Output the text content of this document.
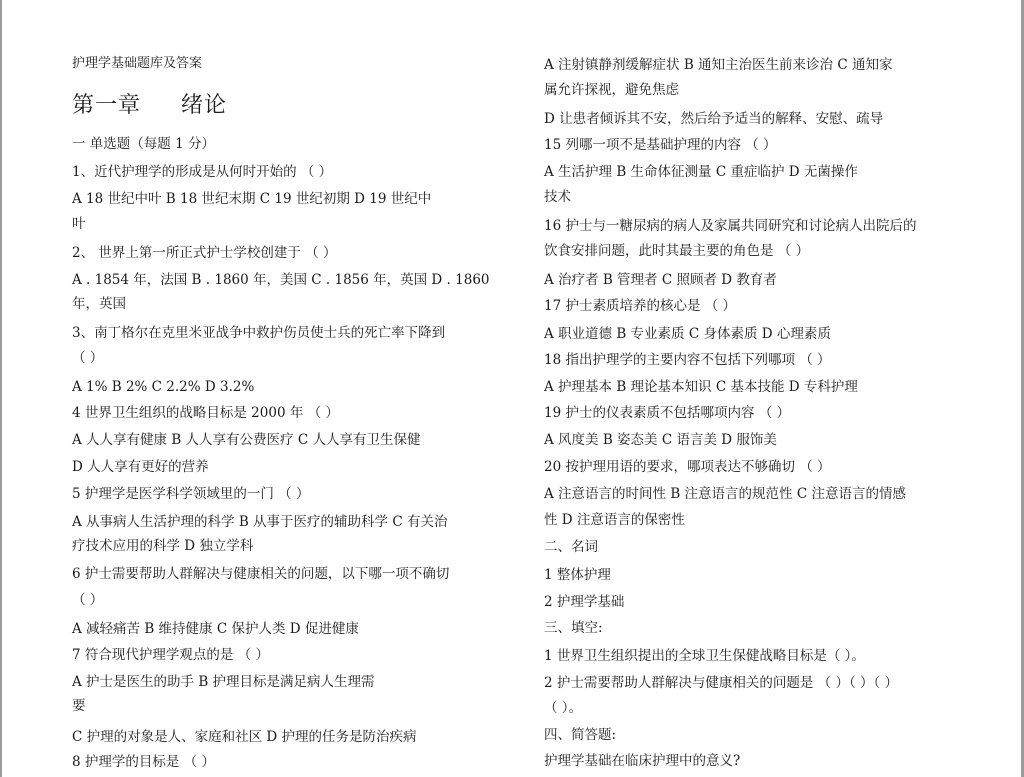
护理学基础题库及答案
第一章 绪论
一 单选题（每题 1 分）
1、近代护理学的形成是从何时开始的 （ ）
A 18 世纪中叶 B 18 世纪末期 C 19 世纪初期 D 19 世纪中
叶
2、 世界上第一所正式护士学校创建于 （ ）
A . 1854 年，法国 B . 1860 年，美国 C . 1856 年，英国 D . 1860
年，英国
3、南丁格尔在克里米亚战争中救护伤员使士兵的死亡率下降到
（ ）
A 1% B 2% C 2.2% D 3.2%
4 世界卫生组织的战略目标是 2000 年 （ ）
A 人人享有健康 B 人人享有公费医疗 C 人人享有卫生保健
D 人人享有更好的营养
5 护理学是医学科学领域里的一门 （ ）
A 从事病人生活护理的科学 B 从事于医疗的辅助科学 C 有关治
疗技术应用的科学 D 独立学科
6 护士需要帮助人群解决与健康相关的问题，以下哪一项不确切
（ ）
A 减轻痛苦 B 维持健康 C 保护人类 D 促进健康
7 符合现代护理学观点的是 （ ）
A 护士是医生的助手 B 护理目标是满足病人生理需
要
C 护理的对象是人、家庭和社区 D 护理的任务是防治疾病
8 护理学的目标是 （ ）
A 注射镇静剂缓解症状 B 通知主治医生前来诊治 C 通知家
属允许探视，避免焦虑
D 让患者倾诉其不安，然后给予适当的解释、安慰、疏导
15 列哪一项不是基础护理的内容 （ ）
A 生活护理 B 生命体征测量 C 重症临护 D 无菌操作
技术
16 护士与一糖尿病的病人及家属共同研究和讨论病人出院后的
饮食安排问题，此时其最主要的角色是 （ ）
A 治疗者 B 管理者 C 照顾者 D 教育者
17 护士素质培养的核心是 （ ）
A 职业道德 B 专业素质 C 身体素质 D 心理素质
18 指出护理学的主要内容不包括下列哪项 （ ）
A 护理基本 B 理论基本知识 C 基本技能 D 专科护理
19 护士的仪表素质不包括哪项内容 （ ）
A 风度美 B 姿态美 C 语言美 D 服饰美
20 按护理用语的要求，哪项表达不够确切 （ ）
A 注意语言的时间性 B 注意语言的规范性 C 注意语言的情感
性 D 注意语言的保密性
二、名词
1 整体护理
2 护理学基础
三、填空:
1 世界卫生组织提出的全球卫生保健战略目标是（ ）。
2 护士需要帮助人群解决与健康相关的问题是 （ ）（ ）（ ）
（ ）。
四、简答题:
护理学基础在临床护理中的意义?
